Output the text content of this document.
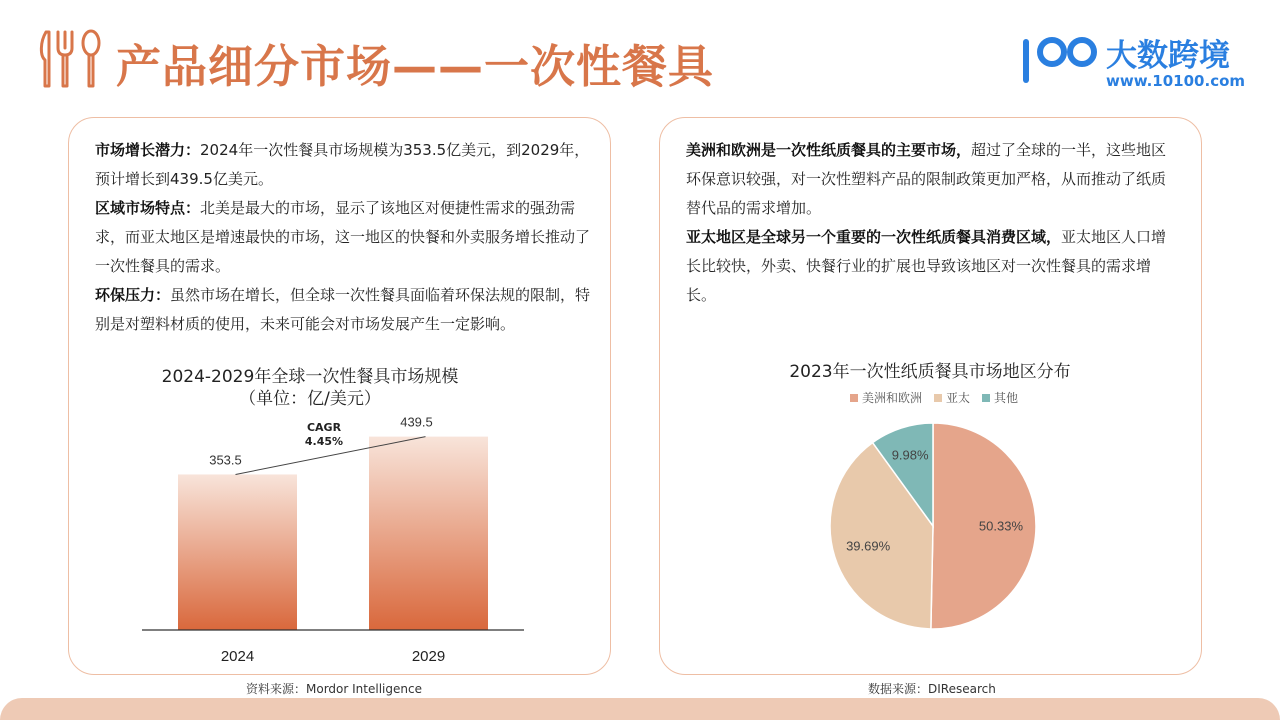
产品细分市场——一次性餐具	大数跨境
www.10100.com

市场增长潜力：2024年一次性餐具市场规模为353.5亿美元，到2029年，预计增长到439.5亿美元。

区域市场特点：北美是最大的市场，显示了该地区对便捷性需求的强劲需求，而亚太地区是增速最快的市场，这一地区的快餐和外卖服务增长推动了一次性餐具的需求。

环保压力：虽然市场在增长，但全球一次性餐具面临着环保法规的限制，特别是对塑料材质的使用，未来可能会对市场发展产生一定影响。

2024-2029年全球一次性餐具市场规模
（单位：亿/美元）
353.5
2024
439.5
2029
CAGR
4.45%
资料来源：Mordor Intelligence

美洲和欧洲是一次性纸质餐具的主要市场，超过了全球的一半，这些地区环保意识较强，对一次性塑料产品的限制政策更加严格，从而推动了纸质替代品的需求增加。

亚太地区是全球另一个重要的一次性纸质餐具消费区域，亚太地区人口增长比较快，外卖、快餐行业的扩展也导致该地区对一次性餐具的需求增长。

2023年一次性纸质餐具市场地区分布
美洲和欧洲 亚太 其他
50.33%
39.69%
9.98%
数据来源：DIResearch
